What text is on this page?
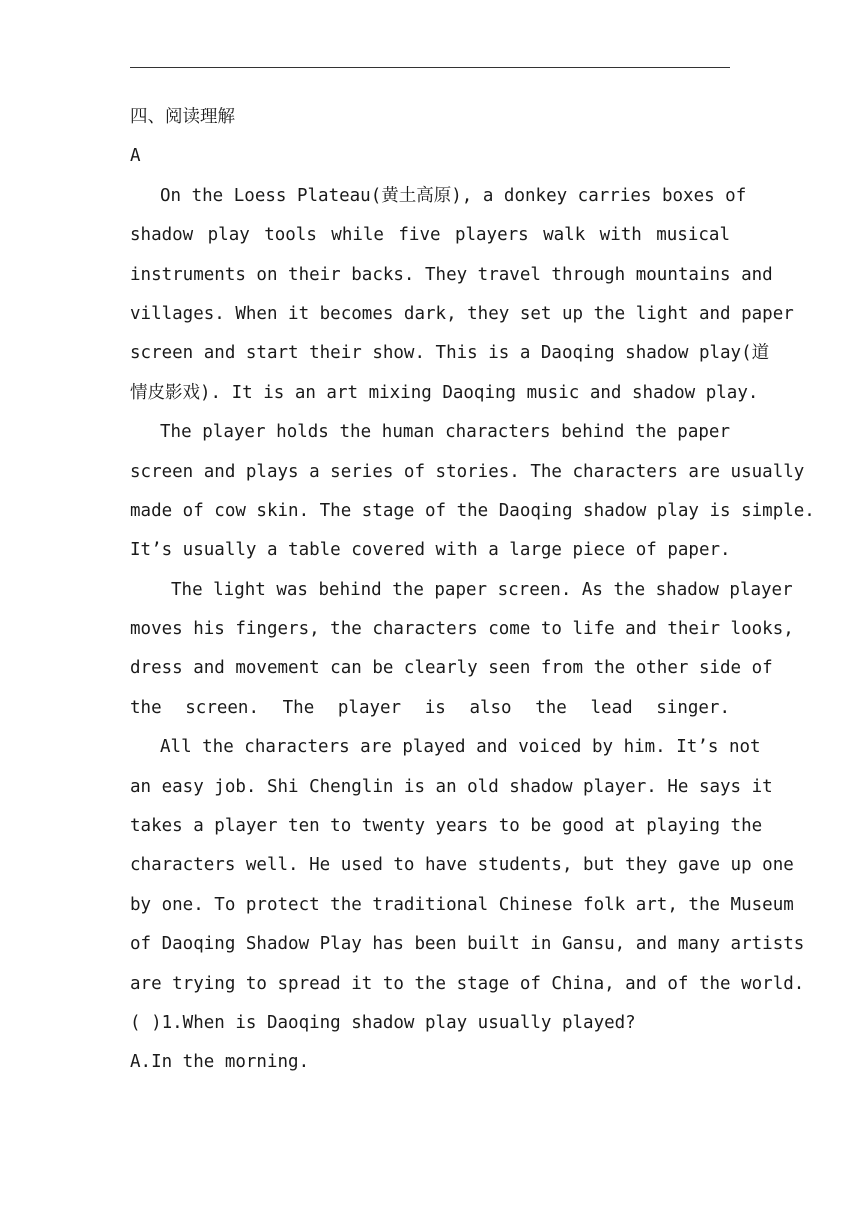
四、阅读理解
A
On the Loess Plateau(黄土高原), a donkey carries boxes of
shadow play tools while five players walk with musical
instruments on their backs. They travel through mountains and
villages. When it becomes dark, they set up the light and paper
screen and start their show. This is a Daoqing shadow play(道
情皮影戏). It is an art mixing Daoqing music and shadow play.
The player holds the human characters behind the paper
screen and plays a series of stories. The characters are usually
made of cow skin. The stage of the Daoqing shadow play is simple.
It’s usually a table covered with a large piece of paper.
The light was behind the paper screen. As the shadow player
moves his fingers, the characters come to life and their looks,
dress and movement can be clearly seen from the other side of
the screen. The player is also the lead singer.
All the characters are played and voiced by him. It’s not
an easy job. Shi Chenglin is an old shadow player. He says it
takes a player ten to twenty years to be good at playing the
characters well. He used to have students, but they gave up one
by one. To protect the traditional Chinese folk art, the Museum
of Daoqing Shadow Play has been built in Gansu, and many artists
are trying to spread it to the stage of China, and of the world.
( )1.When is Daoqing shadow play usually played?
A.In the morning.
